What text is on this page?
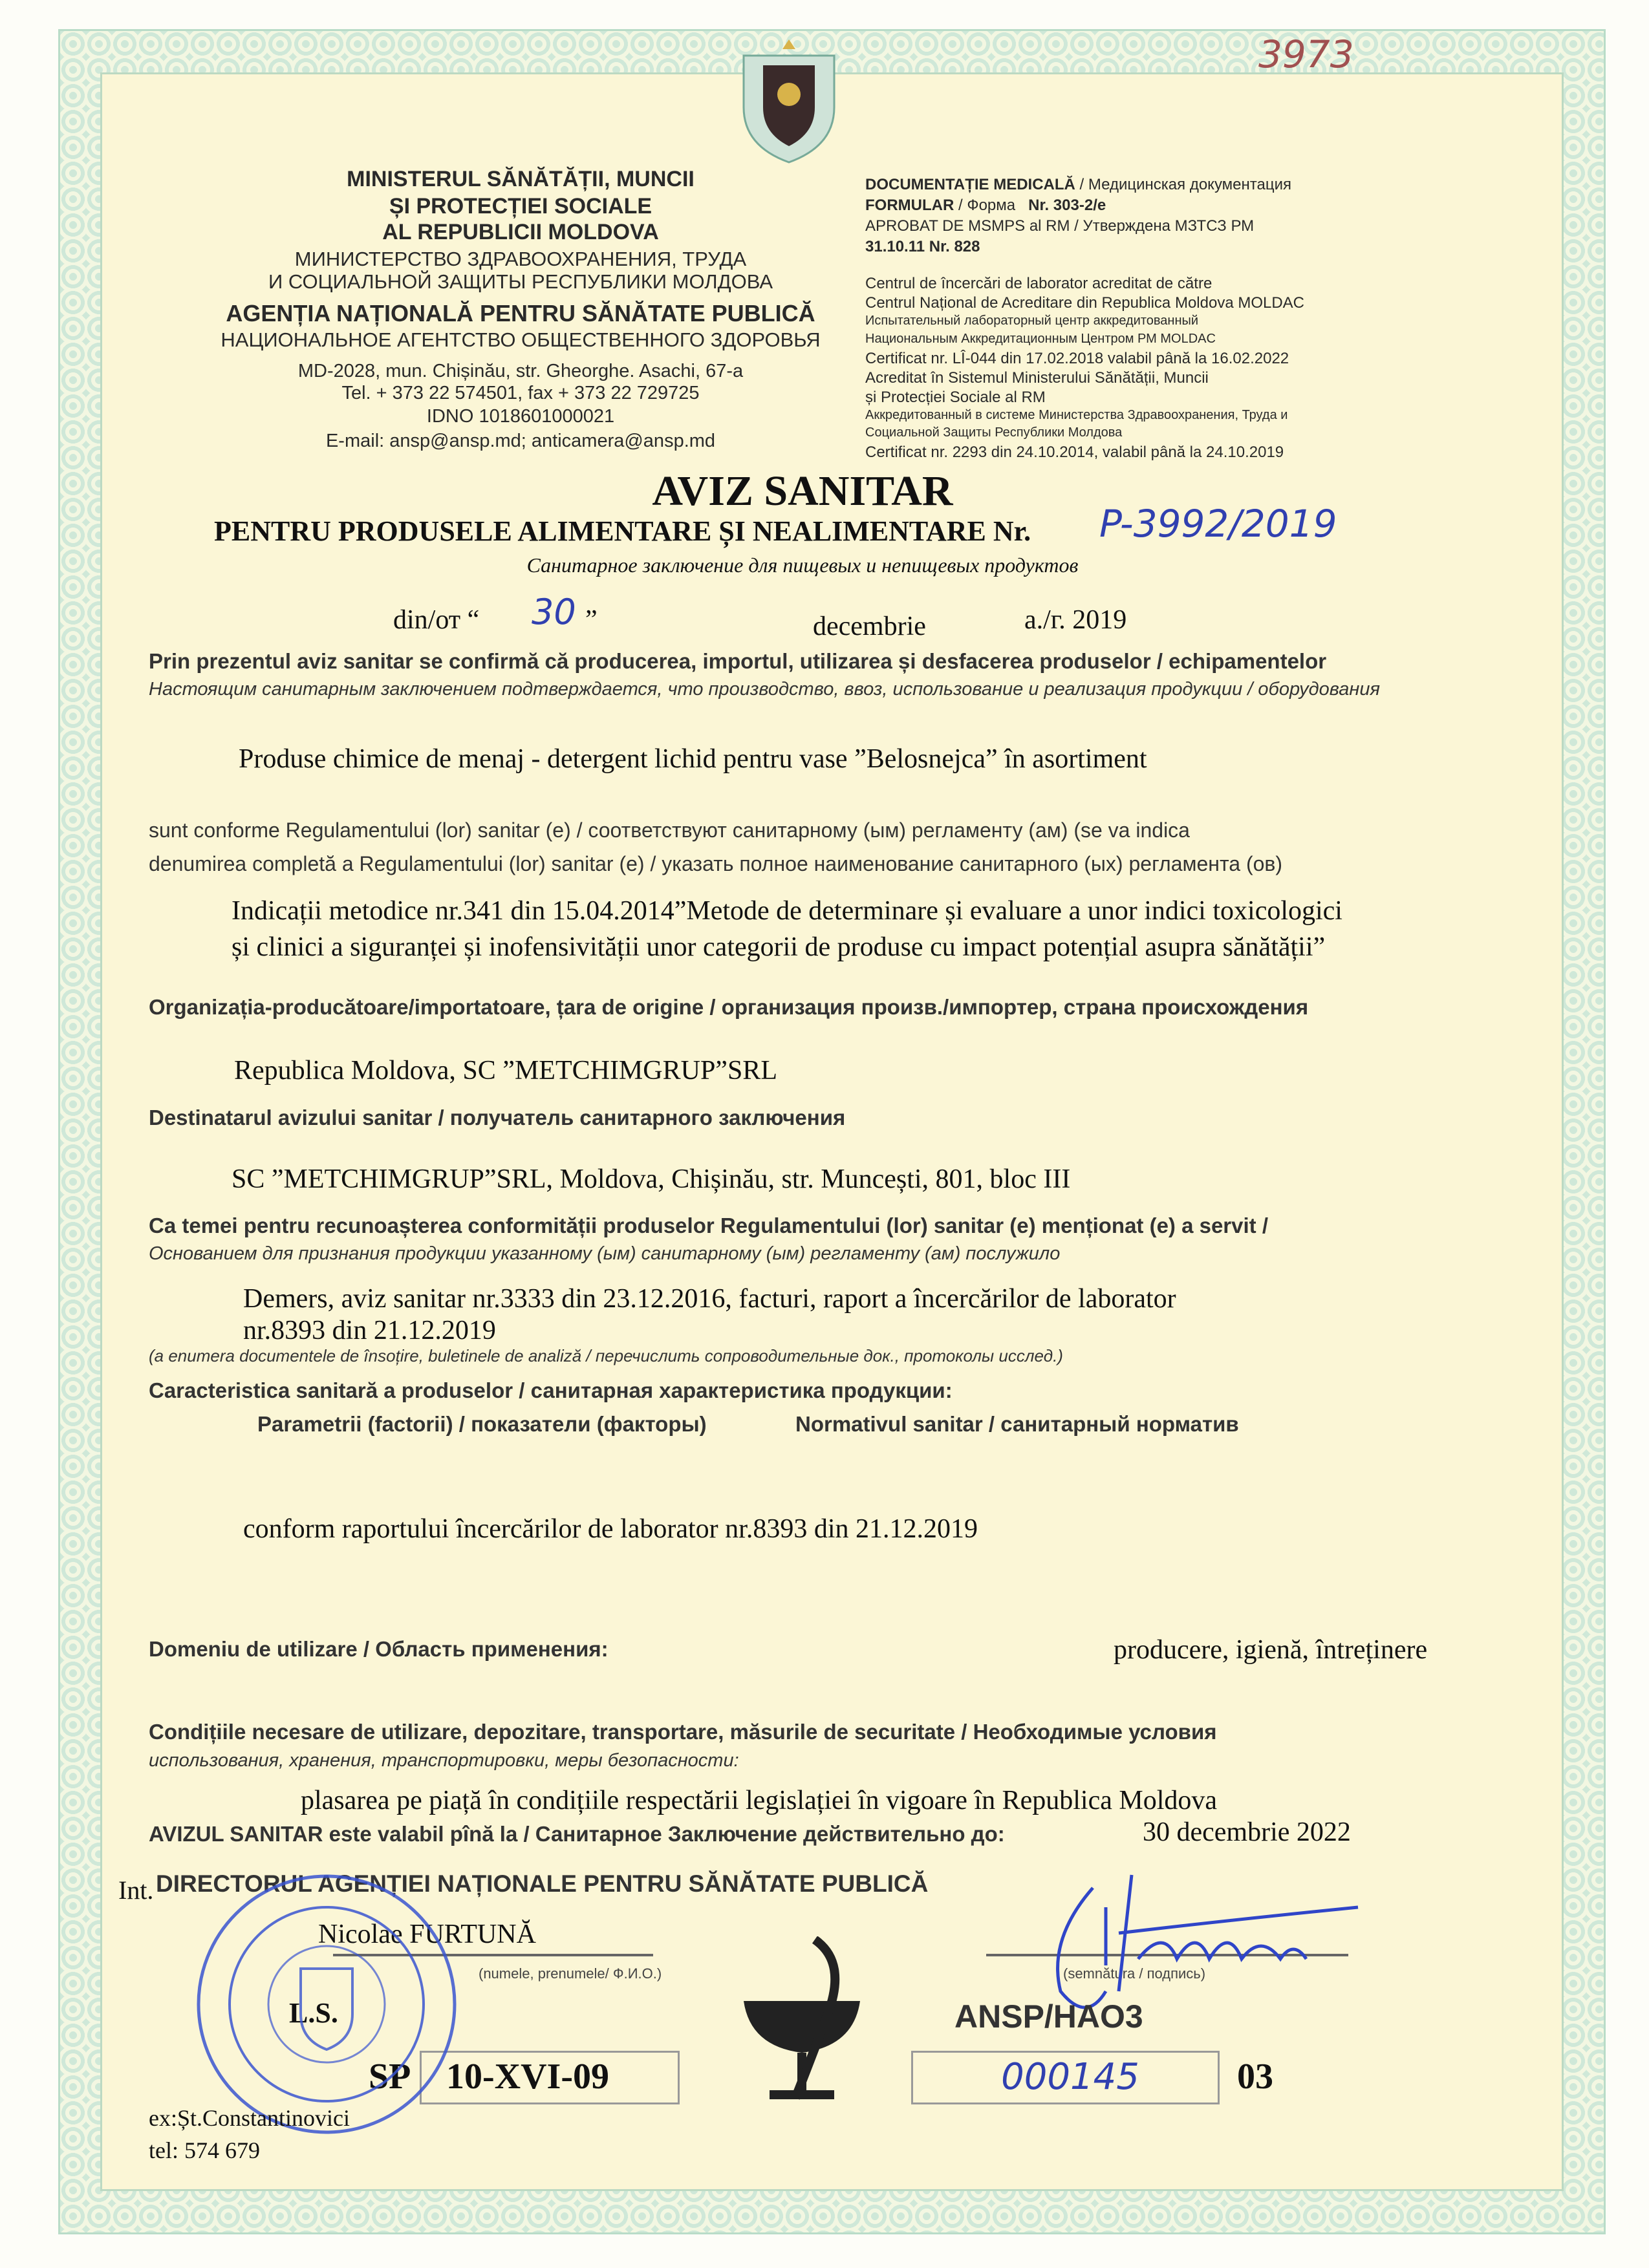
3973
MINISTERUL SĂNĂTĂȚII, MUNCII
ȘI PROTECȚIEI SOCIALE
AL REPUBLICII MOLDOVA
МИНИСТЕРСТВО ЗДРАВООХРАНЕНИЯ, ТРУДА
И СОЦИАЛЬНОЙ ЗАЩИТЫ РЕСПУБЛИКИ МОЛДОВА
AGENȚIA NAȚIONALĂ PENTRU SĂNĂTATE PUBLICĂ
НАЦИОНАЛЬНОЕ АГЕНТСТВО ОБЩЕСТВЕННОГО ЗДОРОВЬЯ
MD-2028, mun. Chișinău, str. Gheorghe. Asachi, 67-a
Tel. + 373 22 574501, fax + 373 22 729725
IDNO 1018601000021
E-mail: ansp@ansp.md; anticamera@ansp.md
DOCUMENTAȚIE MEDICALĂ / Медицинская документация
FORMULAR / Форма Nr. 303-2/e
APROBAT DE MSMPS al RM / Утверждена МЗТСЗ РМ
31.10.11 Nr. 828
Centrul de încercări de laborator acreditat de către
Centrul Național de Acreditare din Republica Moldova MOLDAC
Испытательный лабораторный центр аккредитованный
Национальным Аккредитационным Центром РМ MOLDAC
Certificat nr. LÎ-044 din 17.02.2018 valabil până la 16.02.2022
Acreditat în Sistemul Ministerului Sănătății, Muncii
și Protecției Sociale al RM
Аккредитованный в системе Министерства Здравоохранения, Труда и
Социальной Защиты Республики Молдова
Certificat nr. 2293 din 24.10.2014, valabil până la 24.10.2019
AVIZ SANITAR
PENTRU PRODUSELE ALIMENTARE ȘI NEALIMENTARE Nr. P-3992/2019
Санитарное заключение для пищевых и непищевых продуктов
din/от “ 30 ”	decembrie	a./г. 2019
Prin prezentul aviz sanitar se confirmă că producerea, importul, utilizarea și desfacerea produselor / echipamentelor
Настоящим санитарным заключением подтверждается, что производство, ввоз, использование и реализация продукции / оборудования
Produse chimice de menaj - detergent lichid pentru vase ”Belosnejca” în asortiment
sunt conforme Regulamentului (lor) sanitar (e) / соответствуют санитарному (ым) регламенту (ам) (se va indica
denumirea completă a Regulamentului (lor) sanitar (e) / указать полное наименование санитарного (ых) регламента (ов)
Indicații metodice nr.341 din 15.04.2014”Metode de determinare și evaluare a unor indici toxicologici
și clinici a siguranței și inofensivității unor categorii de produse cu impact potențial asupra sănătății”
Organizația-producătoare/importatoare, țara de origine / организация произв./импортер, страна происхождения
Republica Moldova, SC ”METCHIMGRUP”SRL
Destinatarul avizului sanitar / получатель санитарного заключения
SC ”METCHIMGRUP”SRL, Moldova, Chișinău, str. Muncești, 801, bloc III
Ca temei pentru recunoașterea conformității produselor Regulamentului (lor) sanitar (e) menționat (e) a servit /
Основанием для признания продукции указанному (ым) санитарному (ым) регламенту (ам) послужило
Demers, aviz sanitar nr.3333 din 23.12.2016, facturi, raport a încercărilor de laborator
nr.8393 din 21.12.2019
(a enumera documentele de însoțire, buletinele de analiză / перечислить сопроводительные док., протоколы исслед.)
Caracteristica sanitară a produselor / санитарная характеристика продукции:
Parametrii (factorii) / показатели (факторы)	Normativul sanitar / санитарный норматив
conform raportului încercărilor de laborator nr.8393 din 21.12.2019
Domeniu de utilizare / Область применения:	producere, igienă, întreținere
Condițiile necesare de utilizare, depozitare, transportare, măsurile de securitate / Необходимые условия
использования, хранения, транспортировки, меры безопасности:
plasarea pe piață în condițiile respectării legislației în vigoare în Republica Moldova
AVIZUL SANITAR este valabil pînă la / Санитарное Заключение действительно до:	30 decembrie 2022
Int. DIRECTORUL AGENȚIEI NAȚIONALE PENTRU SĂNĂTATE PUBLICĂ
Nicolae FURTUNĂ
(numele, prenumele/ Ф.И.О.)	(semnătura / подпись)
L.S.	ANSP/HAO3
SP 10-XVI-09	000145	03
ex:Șt.Constantinovici
tel: 574 679
